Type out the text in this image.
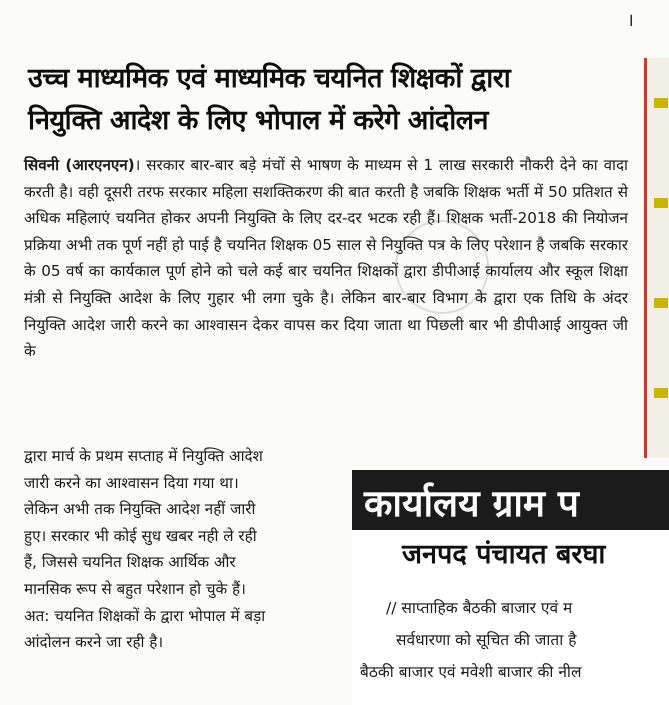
।
उच्च माध्यमिक एवं माध्यमिक चयनित शिक्षकों द्वारा
नियुक्ति आदेश के लिए भोपाल में करेगे आंदोलन
सिवनी (आरएनएन)। सरकार बार-बार बड़े मंचों से भाषण के माध्यम से 1 लाख सरकारी नौकरी देने का वादा करती है। वही दूसरी तरफ सरकार महिला सशक्तिकरण की बात करती है जबकि शिक्षक भर्ती में 50 प्रतिशत से अधिक महिलाएं चयनित होकर अपनी नियुक्ति के लिए दर-दर भटक रही हैं। शिक्षक भर्ती-2018 की नियोजन प्रक्रिया अभी तक पूर्ण नहीं हो पाई है चयनित शिक्षक 05 साल से नियुक्ति पत्र के लिए परेशान है जबकि सरकार के 05 वर्ष का कार्यकाल पूर्ण होने को चले कई बार चयनित शिक्षकों द्वारा डीपीआई कार्यालय और स्कूल शिक्षा मंत्री से नियुक्ति आदेश के लिए गुहार भी लगा चुके है। लेकिन बार-बार विभाग के द्वारा एक तिथि के अंदर नियुक्ति आदेश जारी करने का आश्वासन देकर वापस कर दिया जाता था पिछली बार भी डीपीआई आयुक्त जी के
द्वारा मार्च के प्रथम सप्ताह में नियुक्ति आदेश
जारी करने का आश्वासन दिया गया था।
लेकिन अभी तक नियुक्ति आदेश नहीं जारी
हुए। सरकार भी कोई सुध खबर नही ले रही
हैं, जिससे चयनित शिक्षक आर्थिक और
मानसिक रूप से बहुत परेशान हो चुके हैं।
अत: चयनित शिक्षकों के द्वारा भोपाल में बड़ा
आंदोलन करने जा रही है।
कार्यालय ग्राम प
जनपद पंचायत बरघा
// साप्ताहिक बैठकी बाजार एवं म
सर्वधारणा को सूचित की जाता है
बैठकी बाजार एवं मवेशी बाजार की नील
